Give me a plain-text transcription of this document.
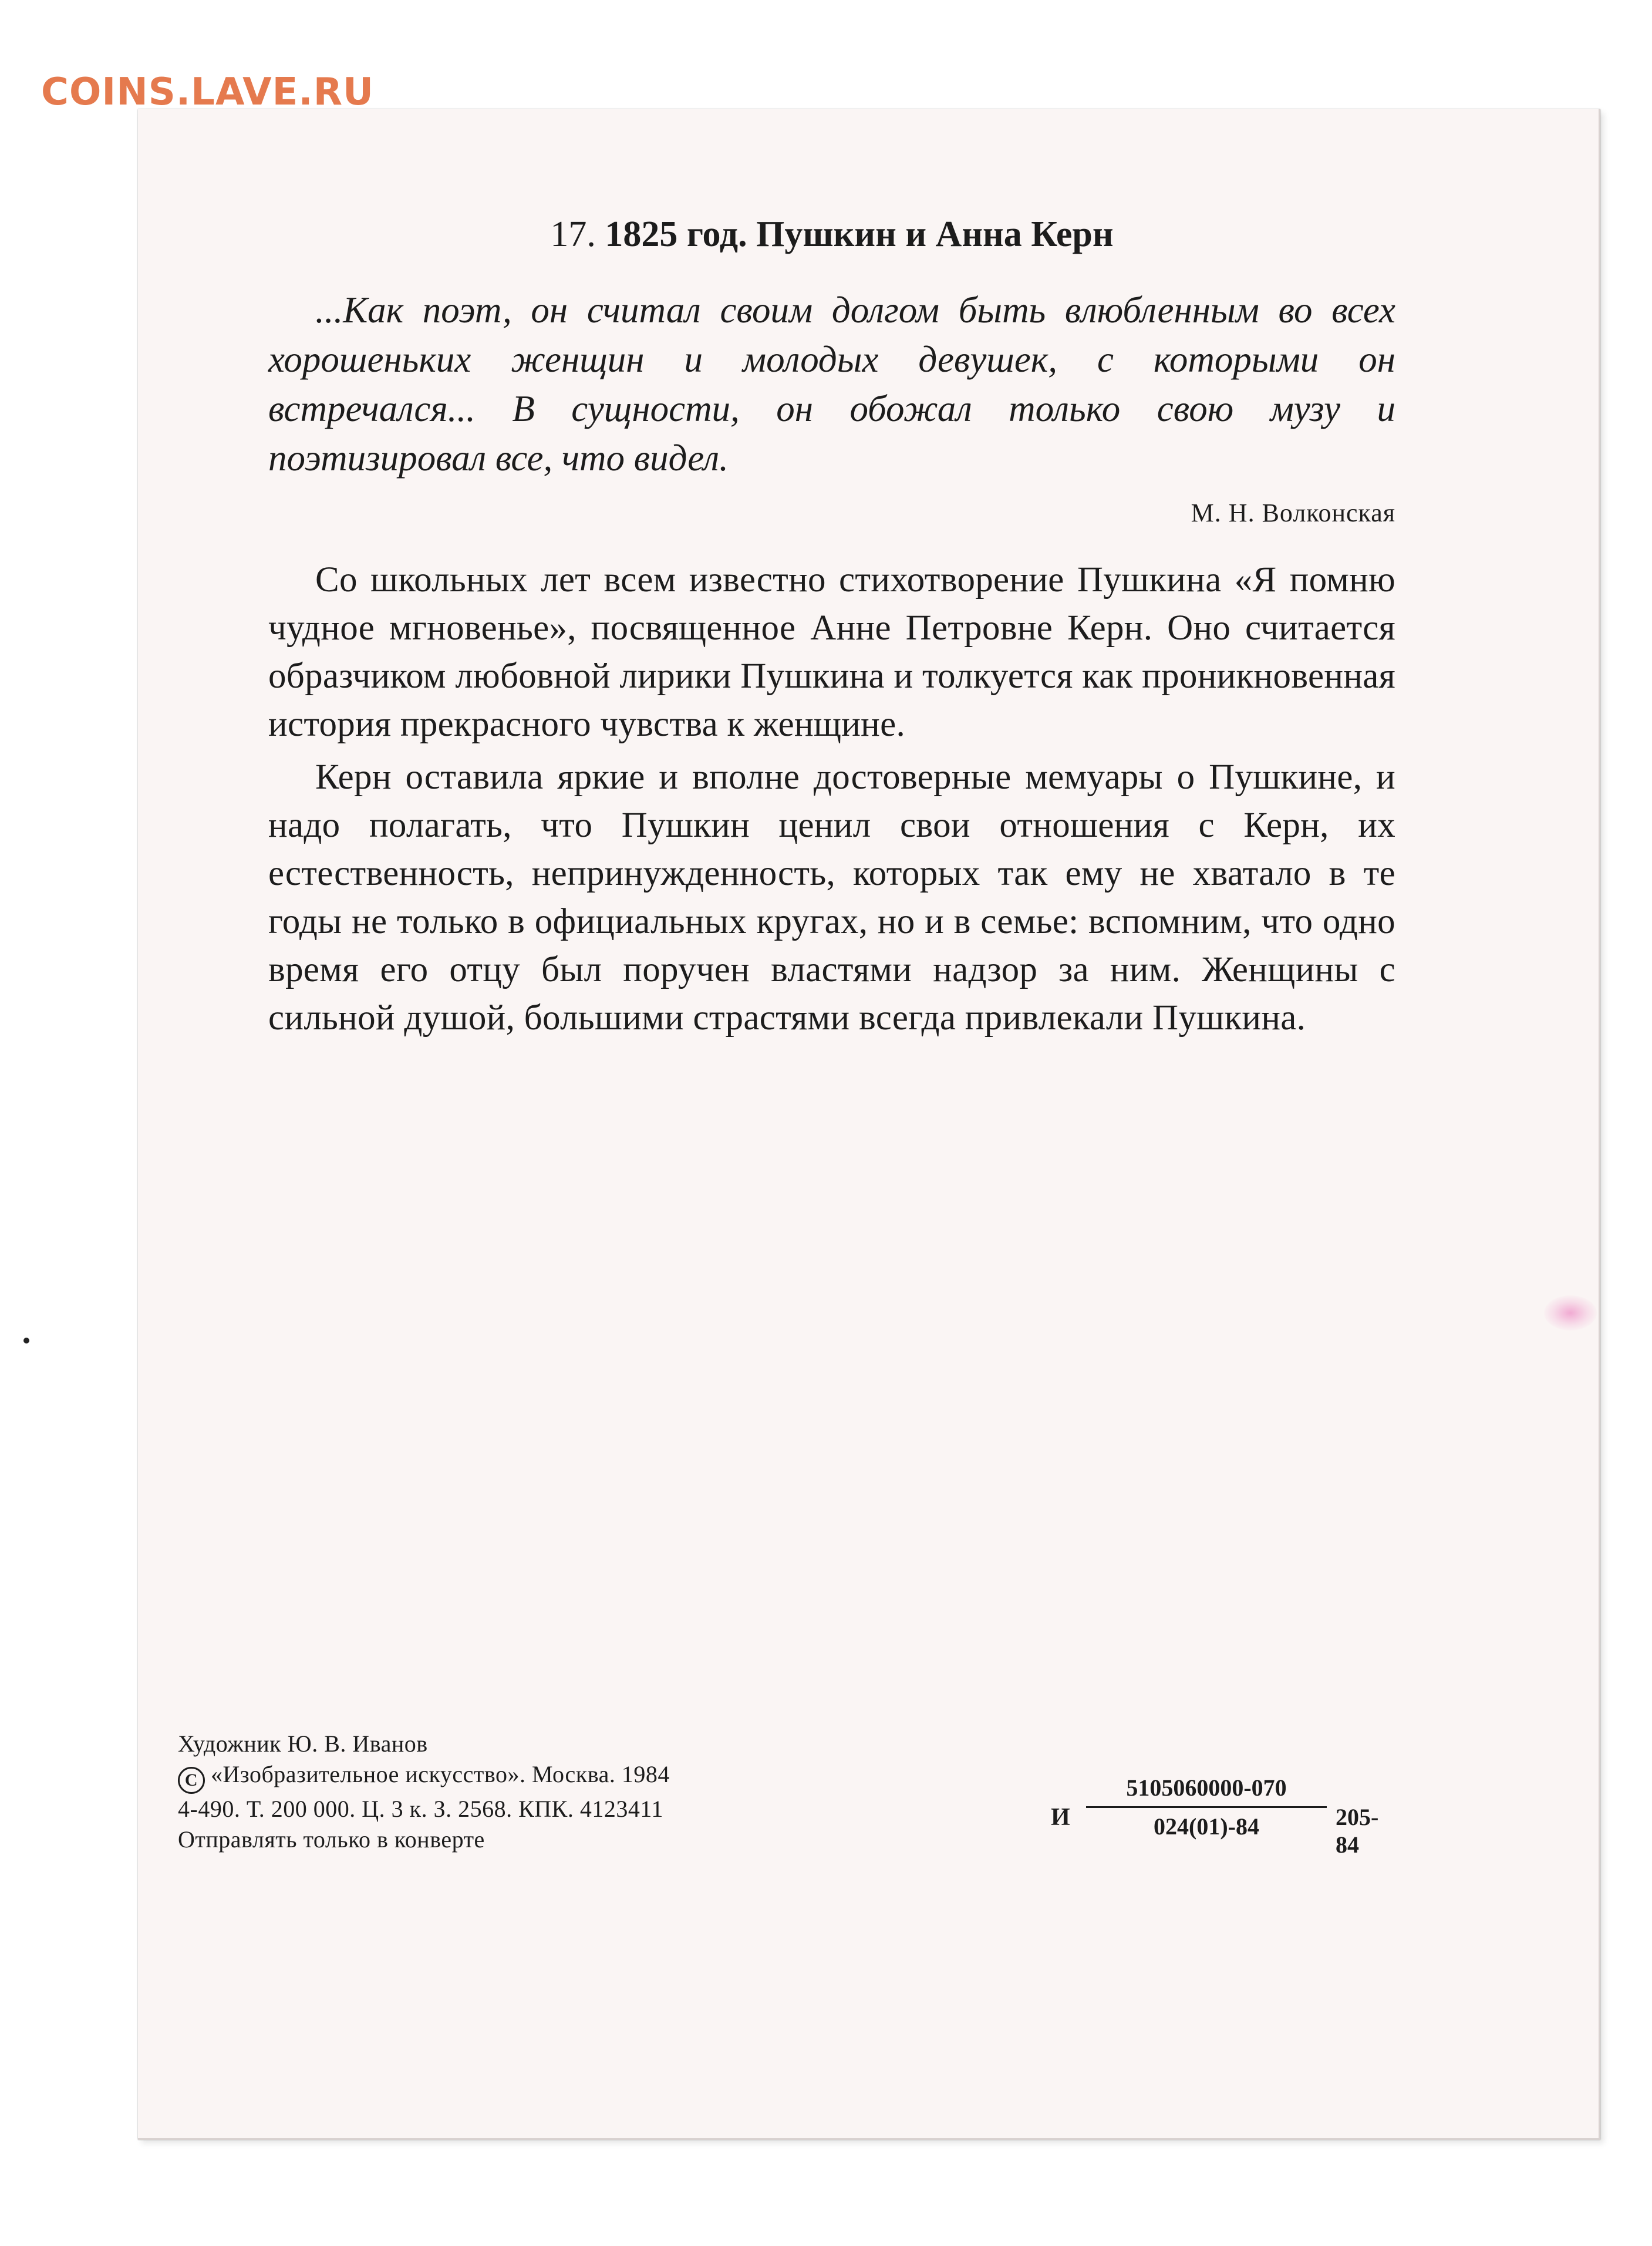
COINS.LAVE.RU
17. 1825 год. Пушкин и Анна Керн

...Как поэт, он считал своим долгом быть влюбленным во всех хорошеньких женщин и молодых девушек, с которыми он встречался... В сущности, он обожал только свою музу и поэтизировал все, что видел.

М. Н. Волконская

Со школьных лет всем известно стихотворение Пушкина «Я помню чудное мгновенье», посвященное Анне Петровне Керн. Оно считается образчиком любовной лирики Пушкина и толкуется как проникновенная история прекрасного чувства к женщине.

Керн оставила яркие и вполне достоверные мемуары о Пушкине, и надо полагать, что Пушкин ценил свои отношения с Керн, их естественность, непринужденность, которых так ему не хватало в те годы не только в официальных кругах, но и в семье: вспомним, что одно время его отцу был поручен властями надзор за ним. Женщины с сильной душой, большими страстями всегда привлекали Пушкина.

Художник Ю. В. Иванов
С «Изобразительное искусство». Москва. 1984
4-490. Т. 200 000. Ц. 3 к. З. 2568. КПК. 4123411
Отправлять только в конверте
И $\frac{5105060000-070}{024(01)-84} 205-84$
